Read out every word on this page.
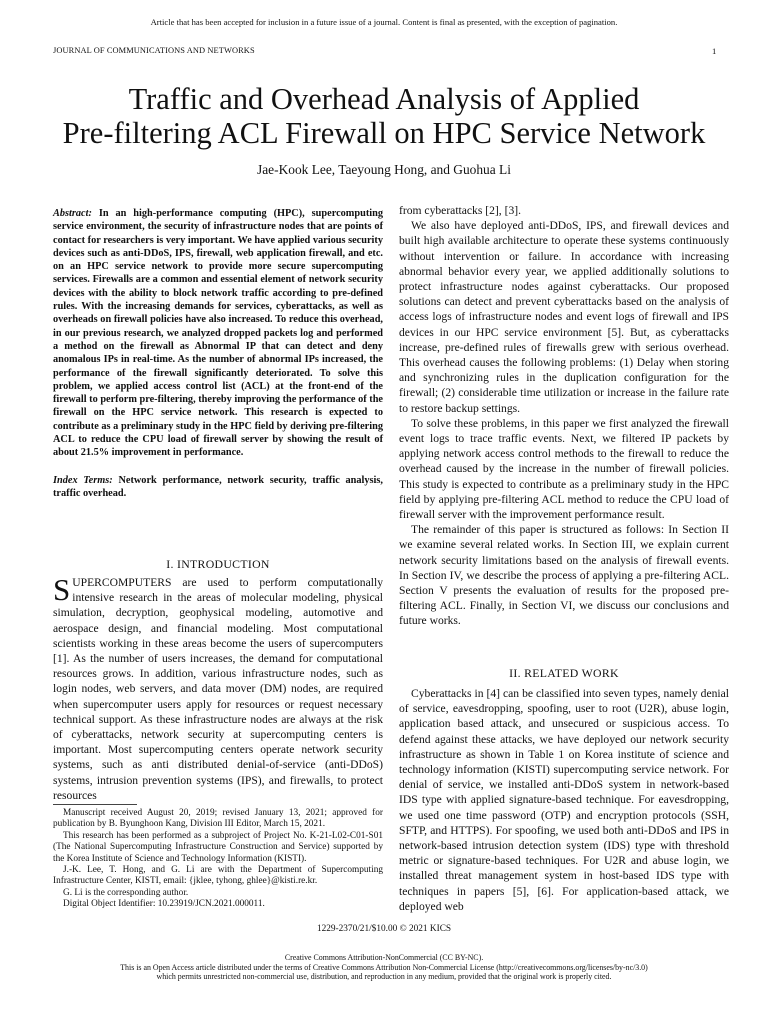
Article that has been accepted for inclusion in a future issue of a journal. Content is final as presented, with the exception of pagination.
JOURNAL OF COMMUNICATIONS AND NETWORKS	1
Traffic and Overhead Analysis of Applied
Pre-filtering ACL Firewall on HPC Service Network
Jae-Kook Lee, Taeyoung Hong, and Guohua Li

Abstract: In an high-performance computing (HPC), supercomputing service environment, the security of infrastructure nodes that are points of contact for researchers is very important. We have applied various security devices such as anti-DDoS, IPS, firewall, web application firewall, and etc. on an HPC service network to provide more secure supercomputing services. Firewalls are a common and essential element of network security devices with the ability to block network traffic according to pre-defined rules. With the increasing demands for services, cyberattacks, as well as overheads on firewall policies have also increased. To reduce this overhead, in our previous research, we analyzed dropped packets log and performed a method on the firewall as Abnormal IP that can detect and deny anomalous IPs in real-time. As the number of abnormal IPs increased, the performance of the firewall significantly deteriorated. To solve this problem, we applied access control list (ACL) at the front-end of the firewall to perform pre-filtering, thereby improving the performance of the firewall on the HPC service network. This research is expected to contribute as a preliminary study in the HPC field by deriving pre-filtering ACL to reduce the CPU load of firewall server by showing the result of about 21.5% improvement in performance.

Index Terms: Network performance, network security, traffic analysis, traffic overhead.

I. INTRODUCTION

SUPERCOMPUTERS are used to perform computationally intensive research in the areas of molecular modeling, physical simulation, decryption, geophysical modeling, automotive and aerospace design, and financial modeling. Most computational scientists working in these areas become the users of supercomputers [1]. As the number of users increases, the demand for computational resources grows. In addition, various infrastructure nodes, such as login nodes, web servers, and data mover (DM) nodes, are required when supercomputer users apply for resources or request necessary technical support. As these infrastructure nodes are always at the risk of cyberattacks, network security at supercomputing centers is important. Most supercomputing centers operate network security systems, such as anti distributed denial-of-service (anti-DDoS) systems, intrusion prevention systems (IPS), and firewalls, to protect resources

Manuscript received August 20, 2019; revised January 13, 2021; approved for publication by B. Byunghoon Kang, Division III Editor, March 15, 2021.

This research has been performed as a subproject of Project No. K-21-L02-C01-S01 (The National Supercomputing Infrastructure Construction and Service) supported by the Korea Institute of Science and Technology Information (KISTI).

J.-K. Lee, T. Hong, and G. Li are with the Department of Supercomputing Infrastructure Center, KISTI, email: {jklee, tyhong, ghlee}@kisti.re.kr.

G. Li is the corresponding author.

Digital Object Identifier: 10.23919/JCN.2021.000011.

from cyberattacks [2], [3].

We also have deployed anti-DDoS, IPS, and firewall devices and built high available architecture to operate these systems continuously without intervention or failure. In accordance with increasing abnormal behavior every year, we applied additionally solutions to protect infrastructure nodes against cyberattacks. Our proposed solutions can detect and prevent cyberattacks based on the analysis of access logs of infrastructure nodes and event logs of firewall and IPS devices in our HPC service environment [5]. But, as cyberattacks increase, pre-defined rules of firewalls grew with serious overhead. This overhead causes the following problems: (1) Delay when storing and synchronizing rules in the duplication configuration for the firewall; (2) considerable time utilization or increase in the failure rate to restore backup settings.

To solve these problems, in this paper we first analyzed the firewall event logs to trace traffic events. Next, we filtered IP packets by applying network access control methods to the firewall to reduce the overhead caused by the increase in the number of firewall policies. This study is expected to contribute as a preliminary study in the HPC field by applying pre-filtering ACL method to reduce the CPU load of firewall server with the improvement performance result.

The remainder of this paper is structured as follows: In Section II we examine several related works. In Section III, we explain current network security limitations based on the analysis of firewall events. In Section IV, we describe the process of applying a pre-filtering ACL. Section V presents the evaluation of results for the proposed pre-filtering ACL. Finally, in Section VI, we discuss our conclusions and future works.

II. RELATED WORK

Cyberattacks in [4] can be classified into seven types, namely denial of service, eavesdropping, spoofing, user to root (U2R), abuse login, application based attack, and unsecured or suspicious access. To defend against these attacks, we have deployed our network security infrastructure as shown in Table 1 on Korea institute of science and technology information (KISTI) supercomputing service network. For denial of service, we installed anti-DDoS system in network-based IDS type with applied signature-based technique. For eavesdropping, we used one time password (OTP) and encryption protocols (SSH, SFTP, and HTTPS). For spoofing, we used both anti-DDoS and IPS in network-based intrusion detection system (IDS) type with threshold metric or signature-based techniques. For U2R and abuse login, we installed threat management system in host-based IDS type with techniques in papers [5], [6]. For application-based attack, we deployed web

1229-2370/21/$10.00 © 2021 KICS
Creative Commons Attribution-NonCommercial (CC BY-NC).
This is an Open Access article distributed under the terms of Creative Commons Attribution Non-Commercial License (http://creativecommons.org/licenses/by-nc/3.0)
which permits unrestricted non-commercial use, distribution, and reproduction in any medium, provided that the original work is properly cited.
